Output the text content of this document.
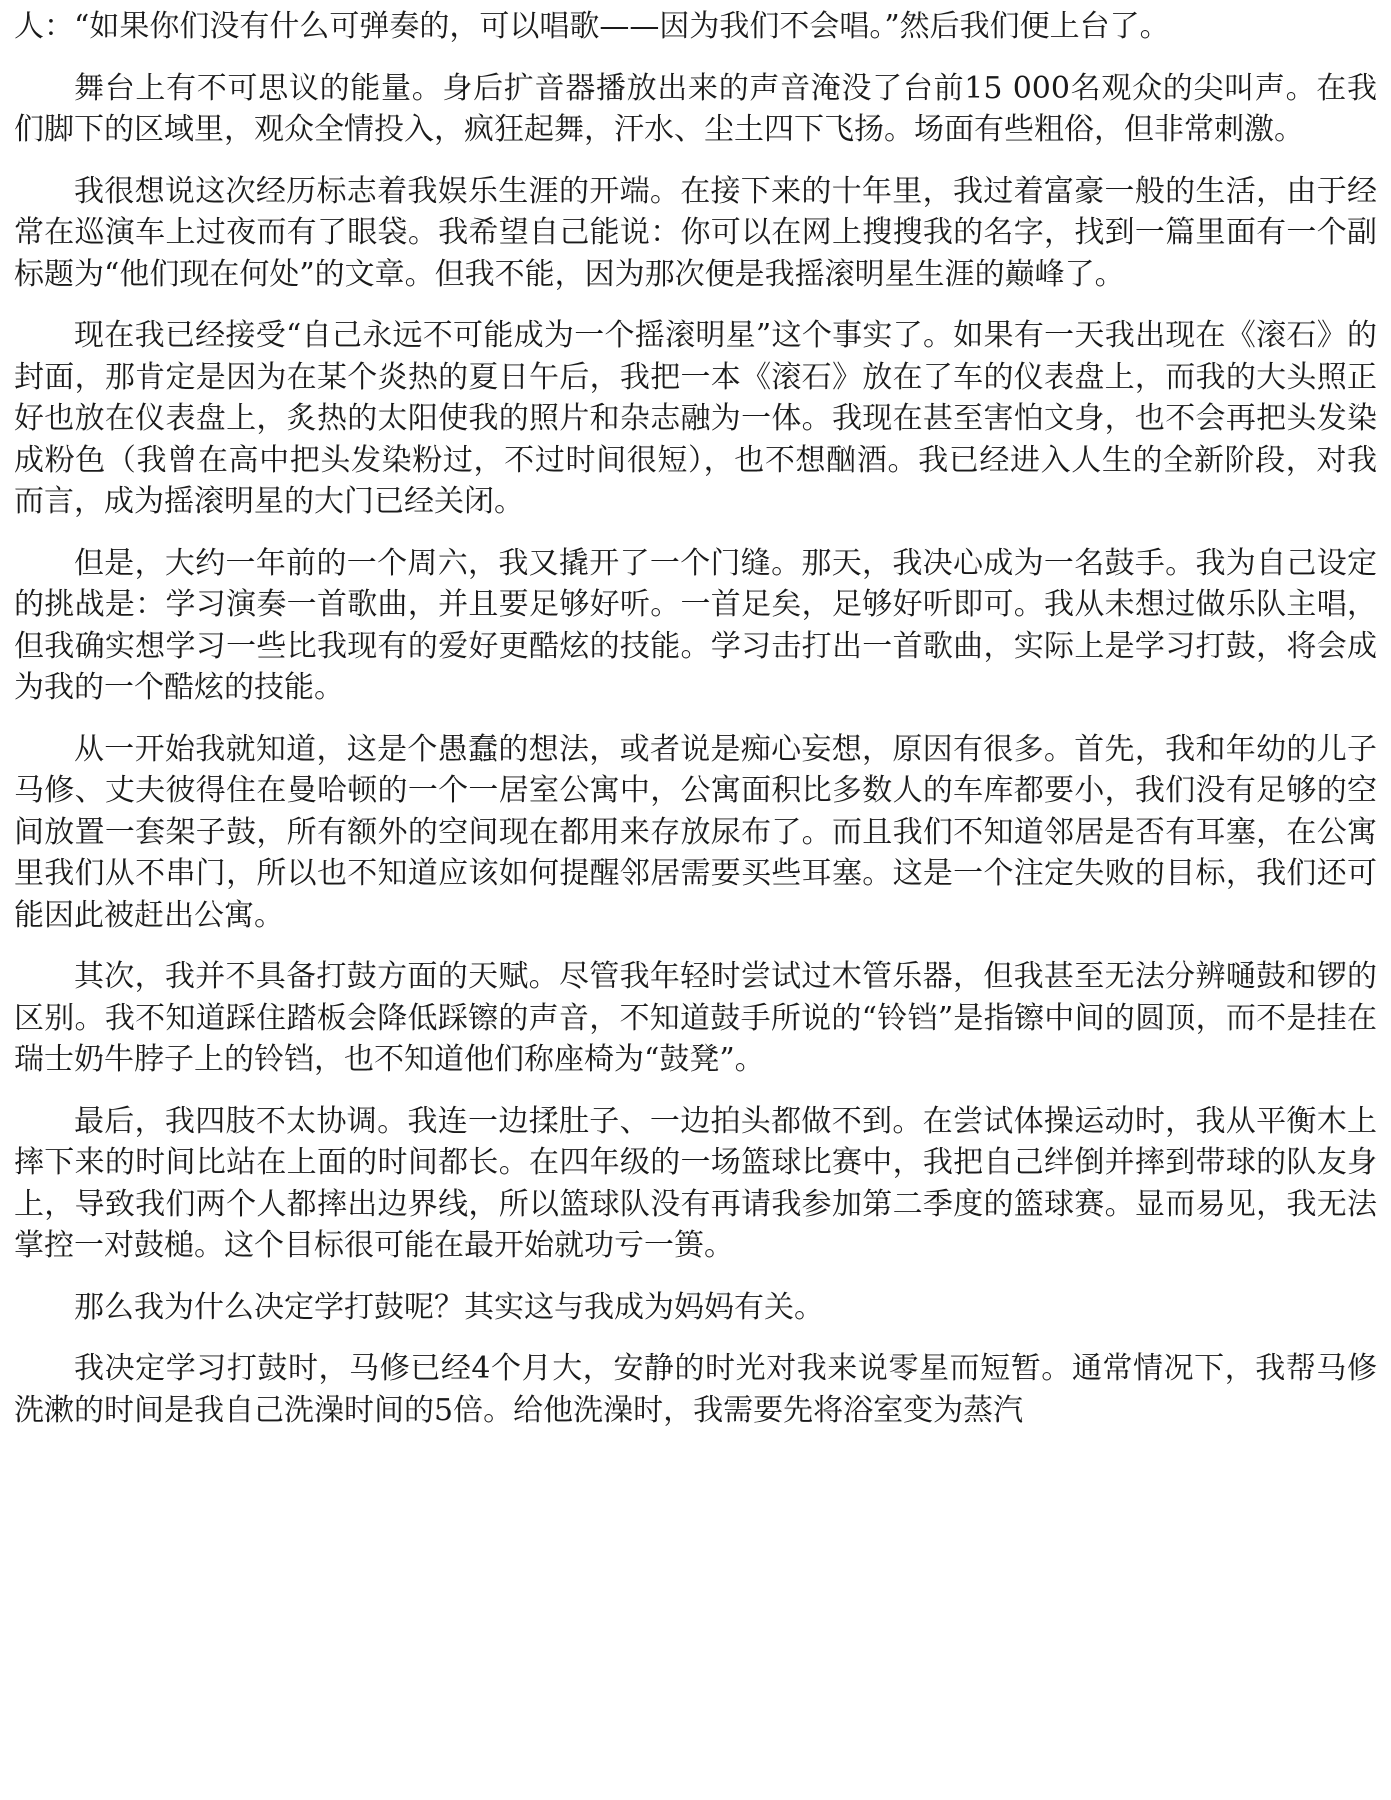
人：“如果你们没有什么可弹奏的，可以唱歌——因为我们不会唱。”然后我们便上台了。

舞台上有不可思议的能量。身后扩音器播放出来的声音淹没了台前15 000名观众的尖叫声。在我们脚下的区域里，观众全情投入，疯狂起舞，汗水、尘土四下飞扬。场面有些粗俗，但非常刺激。

我很想说这次经历标志着我娱乐生涯的开端。在接下来的十年里，我过着富豪一般的生活，由于经常在巡演车上过夜而有了眼袋。我希望自己能说：你可以在网上搜搜我的名字，找到一篇里面有一个副标题为“他们现在何处”的文章。但我不能，因为那次便是我摇滚明星生涯的巅峰了。

现在我已经接受“自己永远不可能成为一个摇滚明星”这个事实了。如果有一天我出现在《滚石》的封面，那肯定是因为在某个炎热的夏日午后，我把一本《滚石》放在了车的仪表盘上，而我的大头照正好也放在仪表盘上，炙热的太阳使我的照片和杂志融为一体。我现在甚至害怕文身，也不会再把头发染成粉色（我曾在高中把头发染粉过，不过时间很短），也不想酗酒。我已经进入人生的全新阶段，对我而言，成为摇滚明星的大门已经关闭。

但是，大约一年前的一个周六，我又撬开了一个门缝。那天，我决心成为一名鼓手。我为自己设定的挑战是：学习演奏一首歌曲，并且要足够好听。一首足矣，足够好听即可。我从未想过做乐队主唱，但我确实想学习一些比我现有的爱好更酷炫的技能。学习击打出一首歌曲，实际上是学习打鼓，将会成为我的一个酷炫的技能。

从一开始我就知道，这是个愚蠢的想法，或者说是痴心妄想，原因有很多。首先，我和年幼的儿子马修、丈夫彼得住在曼哈顿的一个一居室公寓中，公寓面积比多数人的车库都要小，我们没有足够的空间放置一套架子鼓，所有额外的空间现在都用来存放尿布了。而且我们不知道邻居是否有耳塞，在公寓里我们从不串门，所以也不知道应该如何提醒邻居需要买些耳塞。这是一个注定失败的目标，我们还可能因此被赶出公寓。

其次，我并不具备打鼓方面的天赋。尽管我年轻时尝试过木管乐器，但我甚至无法分辨嗵鼓和锣的区别。我不知道踩住踏板会降低踩镲的声音，不知道鼓手所说的“铃铛”是指镲中间的圆顶，而不是挂在瑞士奶牛脖子上的铃铛，也不知道他们称座椅为“鼓凳”。

最后，我四肢不太协调。我连一边揉肚子、一边拍头都做不到。在尝试体操运动时，我从平衡木上摔下来的时间比站在上面的时间都长。在四年级的一场篮球比赛中，我把自己绊倒并摔到带球的队友身上，导致我们两个人都摔出边界线，所以篮球队没有再请我参加第二季度的篮球赛。显而易见，我无法掌控一对鼓槌。这个目标很可能在最开始就功亏一篑。

那么我为什么决定学打鼓呢？其实这与我成为妈妈有关。

我决定学习打鼓时，马修已经4个月大，安静的时光对我来说零星而短暂。通常情况下，我帮马修洗漱的时间是我自己洗澡时间的5倍。给他洗澡时，我需要先将浴室变为蒸汽
